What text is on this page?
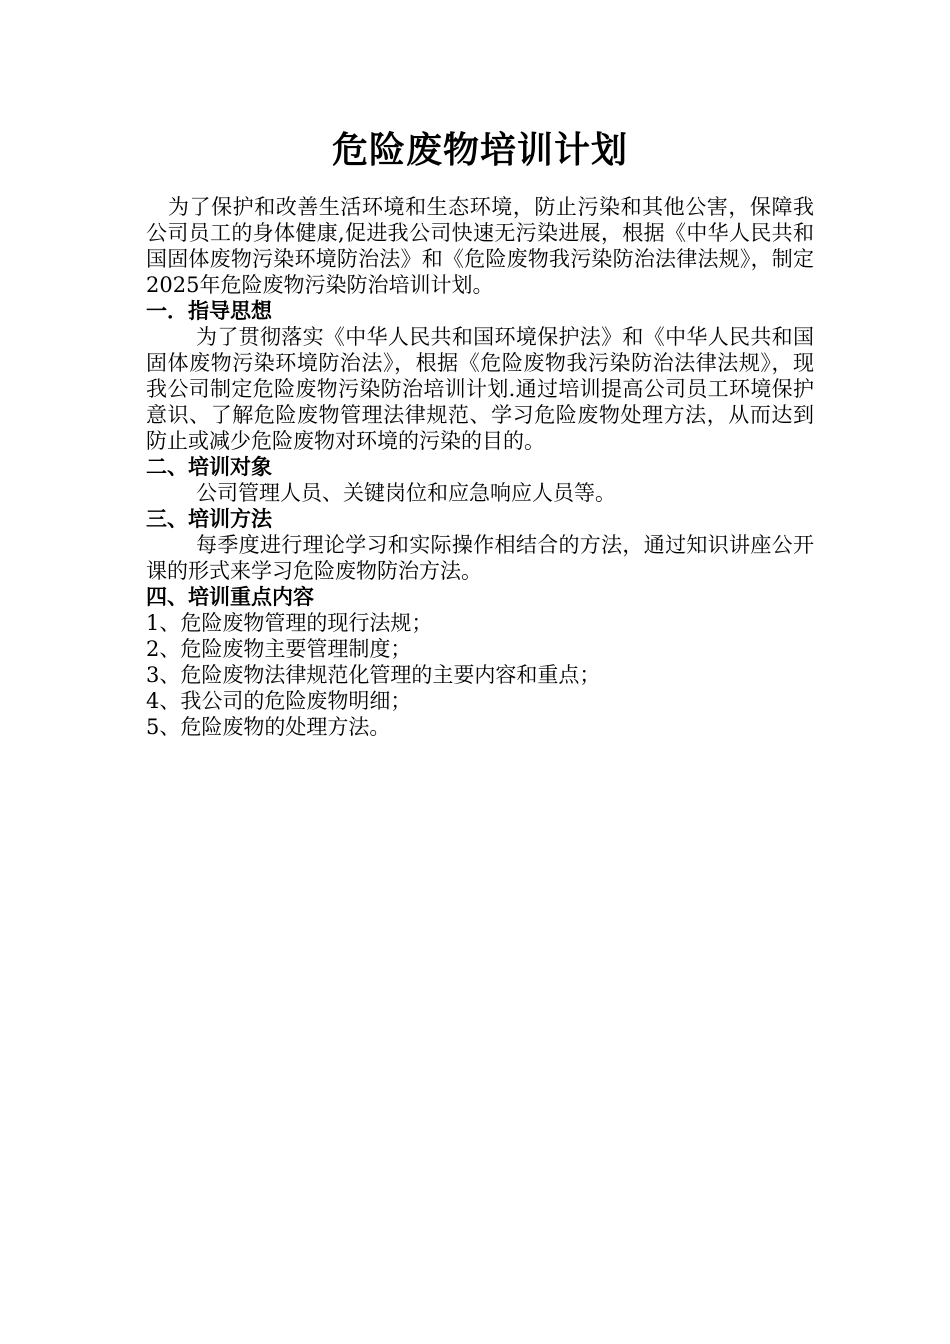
危险废物培训计划

为了保护和改善生活环境和生态环境，防止污染和其他公害，保障我公司员工的身体健康,促进我公司快速无污染进展，根据《中华人民共和国固体废物污染环境防治法》和《危险废物我污染防治法律法规》，制定2025年危险废物污染防治培训计划。

一．指导思想

为了贯彻落实《中华人民共和国环境保护法》和《中华人民共和国固体废物污染环境防治法》，根据《危险废物我污染防治法律法规》，现我公司制定危险废物污染防治培训计划.通过培训提高公司员工环境保护意识、了解危险废物管理法律规范、学习危险废物处理方法，从而达到防止或减少危险废物对环境的污染的目的。

二、培训对象

公司管理人员、关键岗位和应急响应人员等。

三、培训方法

每季度进行理论学习和实际操作相结合的方法，通过知识讲座公开课的形式来学习危险废物防治方法。

四、培训重点内容

1、危险废物管理的现行法规；
2、危险废物主要管理制度；
3、危险废物法律规范化管理的主要内容和重点；
4、我公司的危险废物明细；
5、危险废物的处理方法。
